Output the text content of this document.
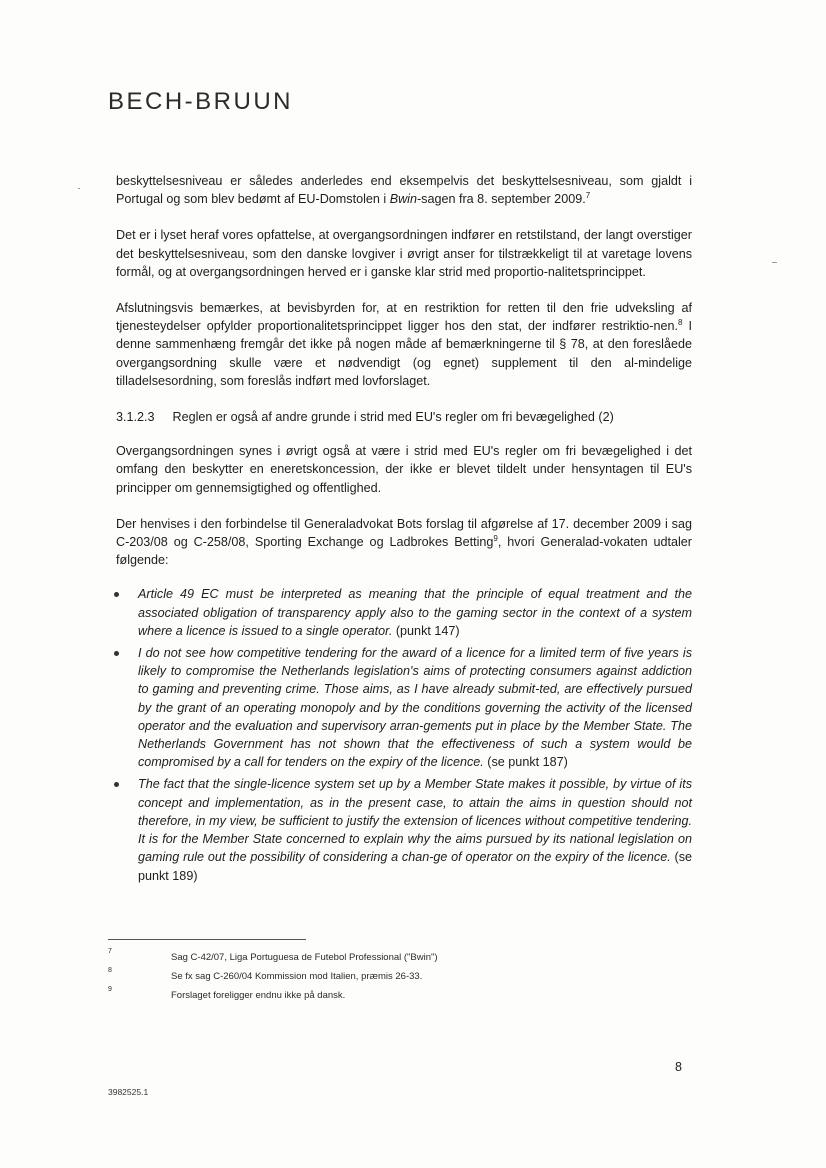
BECH-BRUUN

beskyttelsesniveau er således anderledes end eksempelvis det beskyttelsesniveau, som gjaldt i Portugal og som blev bedømt af EU-Domstolen i Bwin-sagen fra 8. september 2009.$^7$

Det er i lyset heraf vores opfattelse, at overgangsordningen indfører en retstilstand, der langt overstiger det beskyttelsesniveau, som den danske lovgiver i øvrigt anser for tilstrækkeligt til at varetage lovens formål, og at overgangsordningen herved er i ganske klar strid med proportio-nalitetsprincippet.

Afslutningsvis bemærkes, at bevisbyrden for, at en restriktion for retten til den frie udveksling af tjenesteydelser opfylder proportionalitetsprincippet ligger hos den stat, der indfører restriktio-nen.$^8$ I denne sammenhæng fremgår det ikke på nogen måde af bemærkningerne til § 78, at den foreslåede overgangsordning skulle være et nødvendigt (og egnet) supplement til den al-mindelige tilladelsesordning, som foreslås indført med lovforslaget.

3.1.2.3 Reglen er også af andre grunde i strid med EU's regler om fri bevægelighed (2)

Overgangsordningen synes i øvrigt også at være i strid med EU's regler om fri bevægelighed i det omfang den beskytter en eneretskoncession, der ikke er blevet tildelt under hensyntagen til EU's principper om gennemsigtighed og offentlighed.

Der henvises i den forbindelse til Generaladvokat Bots forslag til afgørelse af 17. december 2009 i sag C-203/08 og C-258/08, Sporting Exchange og Ladbrokes Betting$^9$, hvori Generalad-vokaten udtaler følgende:

Article 49 EC must be interpreted as meaning that the principle of equal treatment and the associated obligation of transparency apply also to the gaming sector in the context of a system where a licence is issued to a single operator. (punkt 147)
I do not see how competitive tendering for the award of a licence for a limited term of five years is likely to compromise the Netherlands legislation's aims of protecting consumers against addiction to gaming and preventing crime. Those aims, as I have already submit-ted, are effectively pursued by the grant of an operating monopoly and by the conditions governing the activity of the licensed operator and the evaluation and supervisory arran-gements put in place by the Member State. The Netherlands Government has not shown that the effectiveness of such a system would be compromised by a call for tenders on the expiry of the licence. (se punkt 187)
The fact that the single-licence system set up by a Member State makes it possible, by virtue of its concept and implementation, as in the present case, to attain the aims in question should not therefore, in my view, be sufficient to justify the extension of licences without competitive tendering. It is for the Member State concerned to explain why the aims pursued by its national legislation on gaming rule out the possibility of considering a chan-ge of operator on the expiry of the licence. (se punkt 189)
7
Sag C-42/07, Liga Portuguesa de Futebol Professional ("Bwin")
8
Se fx sag C-260/04 Kommission mod Italien, præmis 26-33.
9
Forslaget foreligger endnu ikke på dansk.
8
3982525.1
